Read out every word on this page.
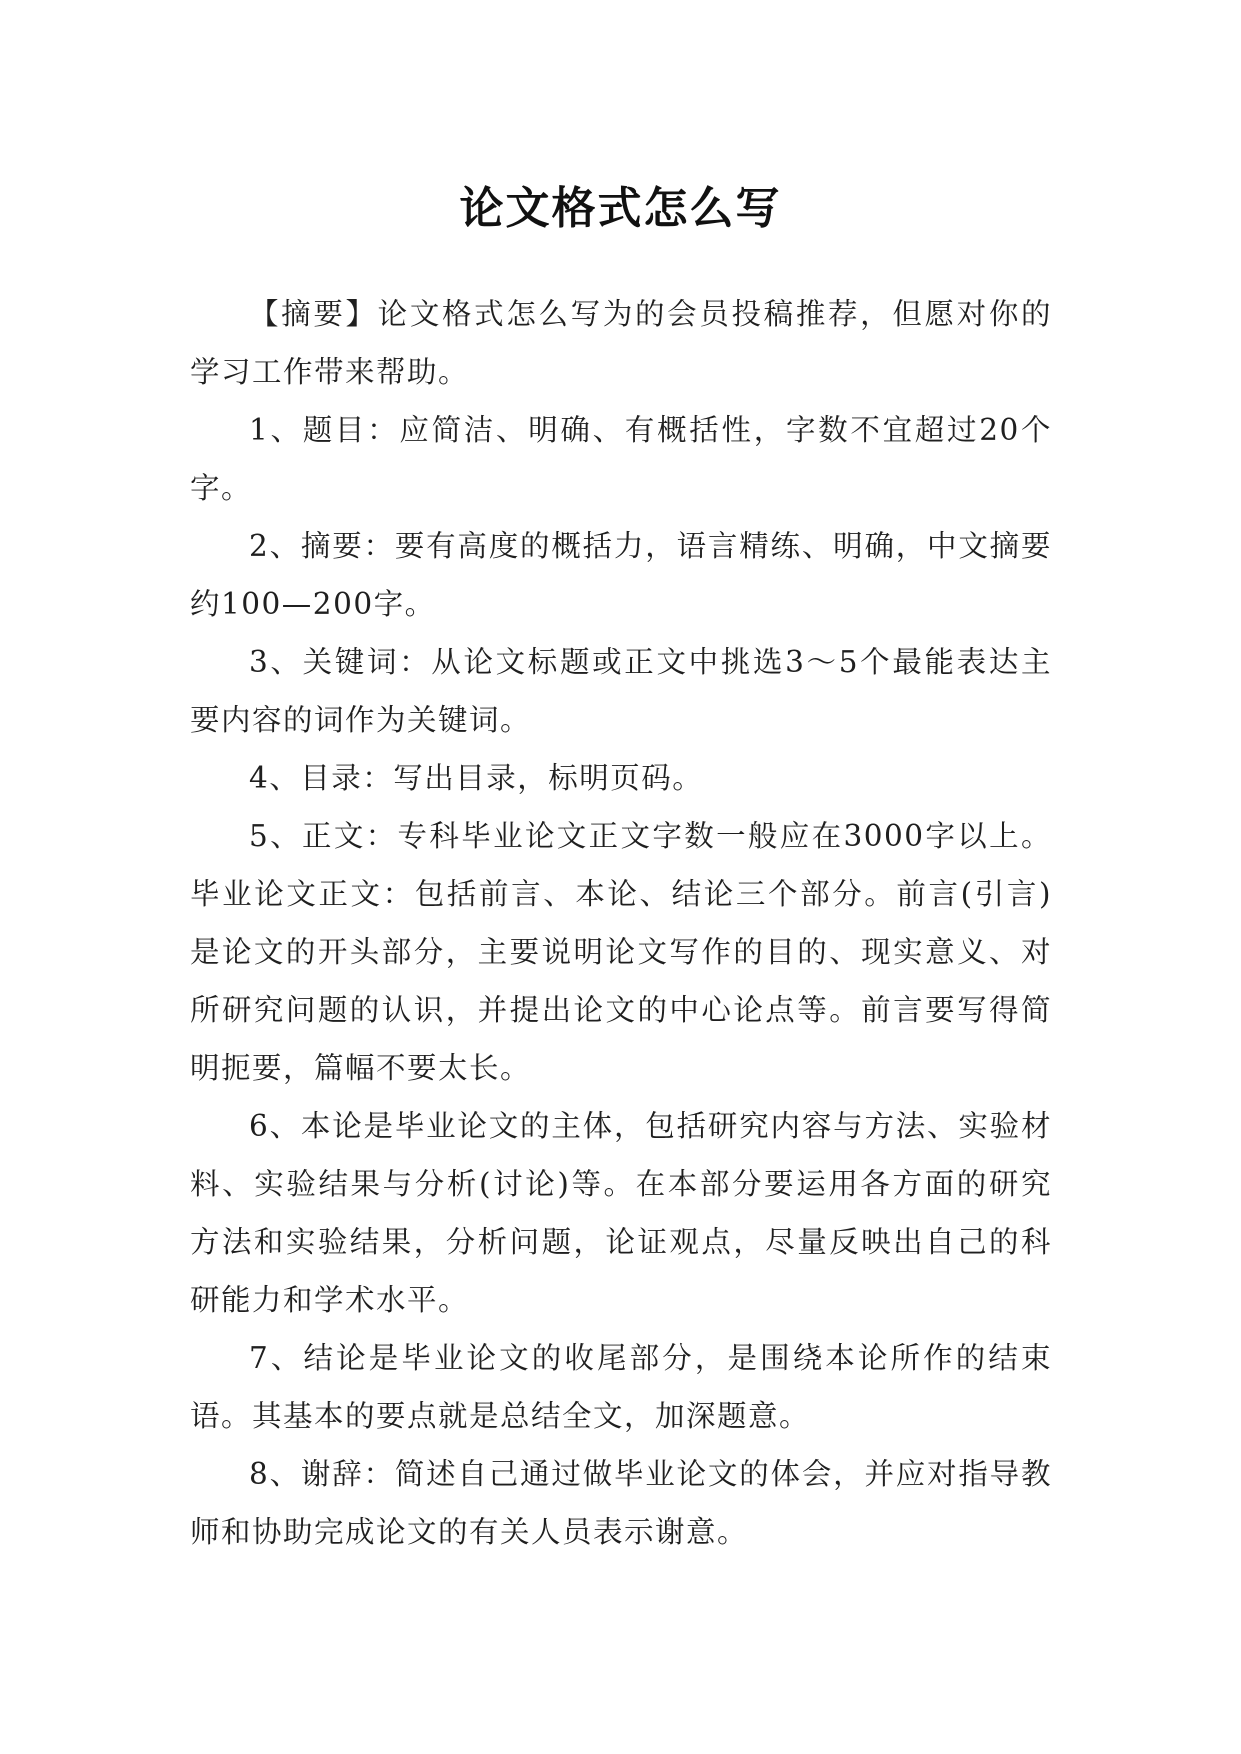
论文格式怎么写

【摘要】论文格式怎么写为的会员投稿推荐，但愿对你的学习工作带来帮助。

1、题目：应简洁、明确、有概括性，字数不宜超过20个字。

2、摘要：要有高度的概括力，语言精练、明确，中文摘要约100—200字。

3、关键词：从论文标题或正文中挑选3～5个最能表达主要内容的词作为关键词。

4、目录：写出目录，标明页码。

5、正文：专科毕业论文正文字数一般应在3000字以上。毕业论文正文：包括前言、本论、结论三个部分。前言(引言)是论文的开头部分，主要说明论文写作的目的、现实意义、对所研究问题的认识，并提出论文的中心论点等。前言要写得简明扼要，篇幅不要太长。

6、本论是毕业论文的主体，包括研究内容与方法、实验材料、实验结果与分析(讨论)等。在本部分要运用各方面的研究方法和实验结果，分析问题，论证观点，尽量反映出自己的科研能力和学术水平。

7、结论是毕业论文的收尾部分，是围绕本论所作的结束语。其基本的要点就是总结全文，加深题意。

8、谢辞：简述自己通过做毕业论文的体会，并应对指导教师和协助完成论文的有关人员表示谢意。
